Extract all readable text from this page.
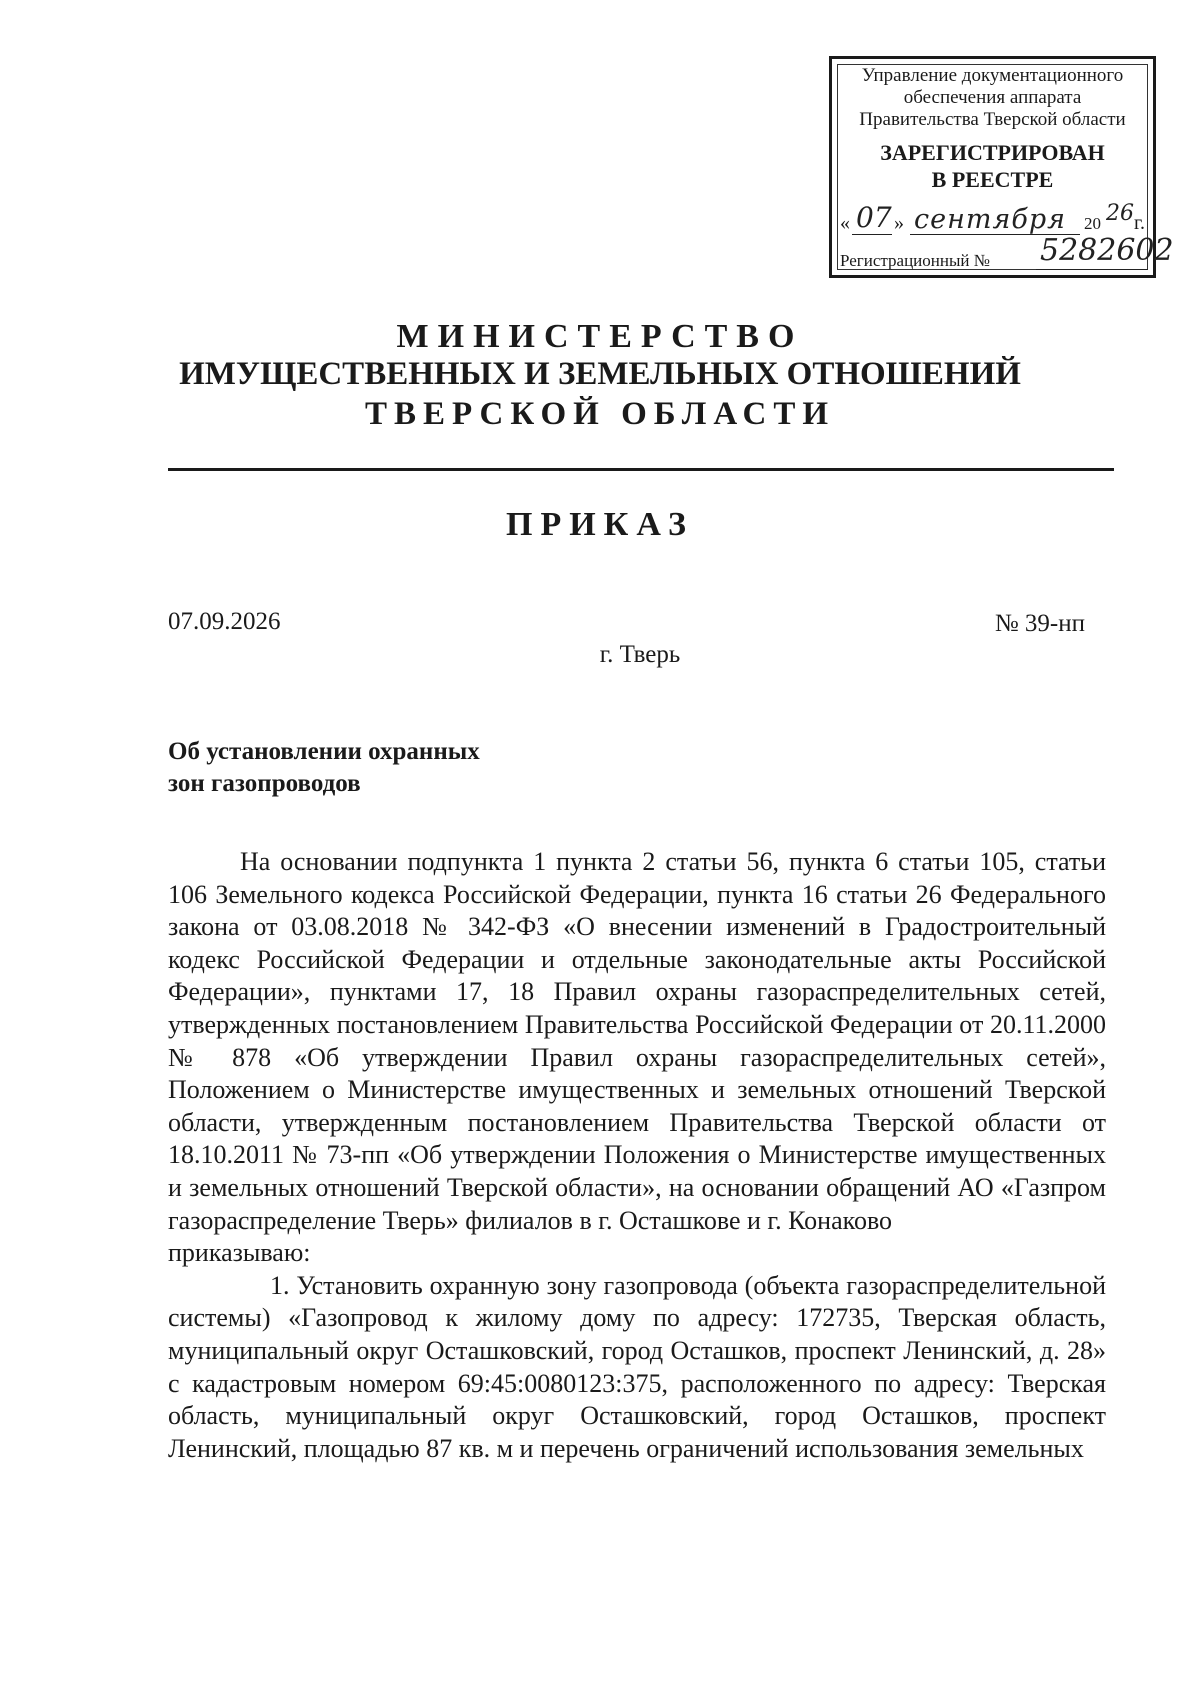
Управление документационного
обеспечения аппарата
Правительства Тверской области
ЗАРЕГИСТРИРОВАН
В РЕЕСТРЕ
« 07 » сентября 20 26 г.
Регистрационный № 5282602
МИНИСТЕРСТВО
ИМУЩЕСТВЕННЫХ И ЗЕМЕЛЬНЫХ ОТНОШЕНИЙ
ТВЕРСКОЙ ОБЛАСТИ
ПРИКАЗ
07.09.2026	№ 39-нп
г. Тверь
Об установлении охранных
зон газопроводов

На основании подпункта 1 пункта 2 статьи 56, пункта 6 статьи 105, статьи 106 Земельного кодекса Российской Федерации, пункта 16 статьи 26 Федерального закона от 03.08.2018 № 342-ФЗ «О внесении изменений в Градостроительный кодекс Российской Федерации и отдельные законодательные акты Российской Федерации», пунктами 17, 18 Правил охраны газораспределительных сетей, утвержденных постановлением Правительства Российской Федерации от 20.11.2000 № 878 «Об утверждении Правил охраны газораспределительных сетей», Положением о Министерстве имущественных и земельных отношений Тверской области, утвержденным постановлением Правительства Тверской области от 18.10.2011 № 73-пп «Об утверждении Положения о Министерстве имущественных и земельных отношений Тверской области», на основании обращений АО «Газпром газораспределение Тверь» филиалов в г. Осташкове и г. Конаково

приказываю:

1. Установить охранную зону газопровода (объекта газораспределительной системы) «Газопровод к жилому дому по адресу: 172735, Тверская область, муниципальный округ Осташковский, город Осташков, проспект Ленинский, д. 28» с кадастровым номером 69:45:0080123:375, расположенного по адресу: Тверская область, муниципальный округ Осташковский, город Осташков, проспект Ленинский, площадью 87 кв. м и перечень ограничений использования земельных
